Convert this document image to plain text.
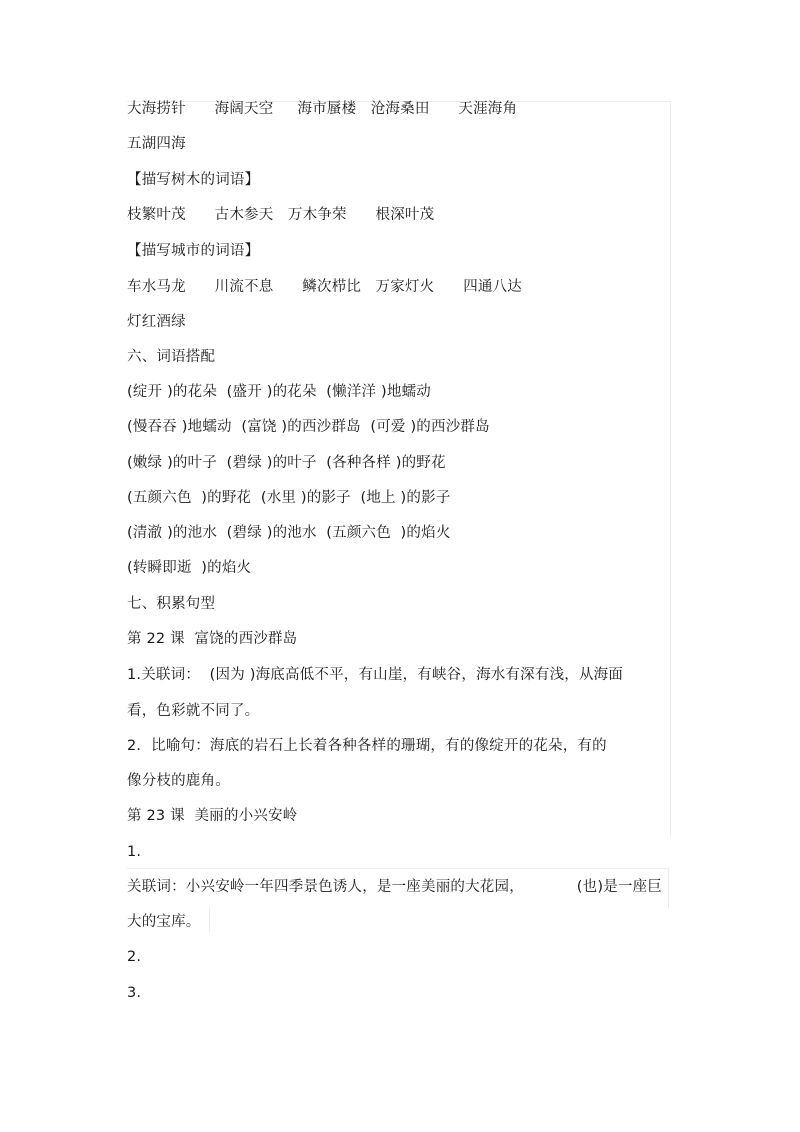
大海捞针      海阔天空     海市蜃楼   沧海桑田      天涯海角
五湖四海
【描写树木的词语】
枝繁叶茂      古木参天   万木争荣      根深叶茂
【描写城市的词语】
车水马龙      川流不息      鳞次栉比   万家灯火      四通八达
灯红酒绿
六、词语搭配
(绽开 )的花朵  (盛开 )的花朵  (懒洋洋 )地蠕动
(慢吞吞 )地蠕动  (富饶 )的西沙群岛  (可爱 )的西沙群岛
(嫩绿 )的叶子  (碧绿 )的叶子  (各种各样 )的野花
(五颜六色  )的野花  (水里 )的影子  (地上 )的影子
(清澈 )的池水  (碧绿 )的池水  (五颜六色  )的焰火
(转瞬即逝  )的焰火
七、积累句型
第 22 课  富饶的西沙群岛
1.关联词：  (因为 )海底高低不平，有山崖，有峡谷，海水有深有浅，从海面
看，色彩就不同了。
2．比喻句：海底的岩石上长着各种各样的珊瑚，有的像绽开的花朵，有的
像分枝的鹿角。
第 23 课  美丽的小兴安岭
1.
关联词：小兴安岭一年四季景色诱人，是一座美丽的大花园，           (也)是一座巨
大的宝库。
2.
3.
